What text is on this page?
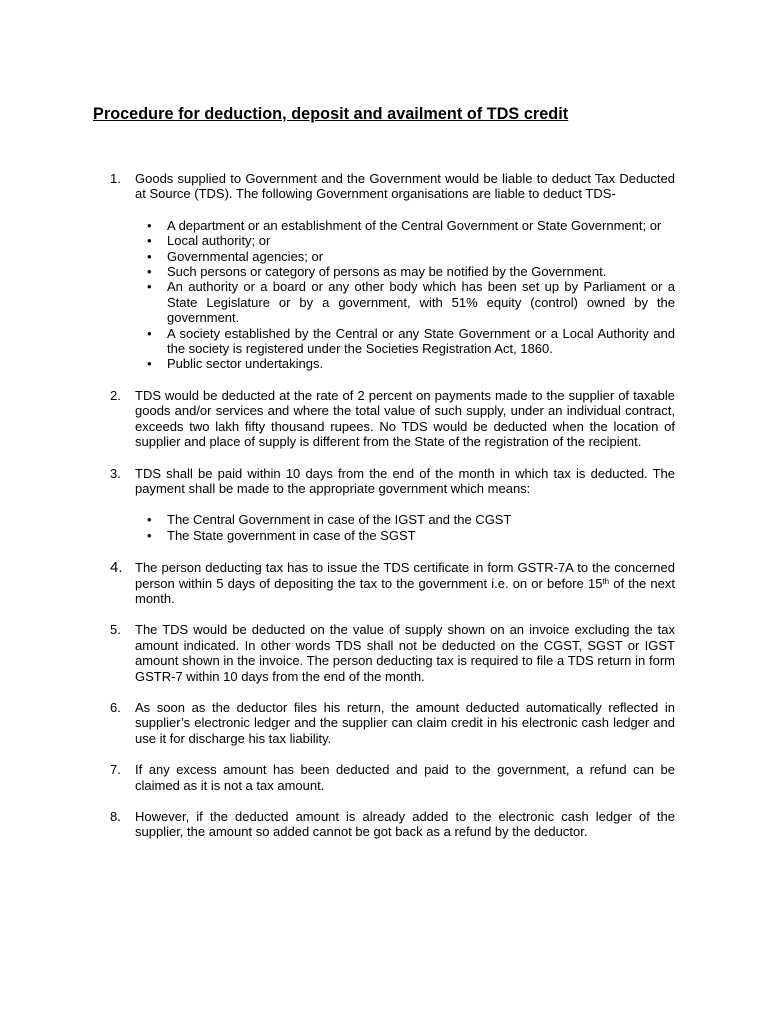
Procedure for deduction, deposit and availment of TDS credit
1. Goods supplied to Government and the Government would be liable to deduct Tax Deducted at Source (TDS). The following Government organisations are liable to deduct TDS-
• A department or an establishment of the Central Government or State Government; or
• Local authority; or
• Governmental agencies; or
• Such persons or category of persons as may be notified by the Government.
• An authority or a board or any other body which has been set up by Parliament or a State Legislature or by a government, with 51% equity (control) owned by the government.
• A society established by the Central or any State Government or a Local Authority and the society is registered under the Societies Registration Act, 1860.
• Public sector undertakings.
2. TDS would be deducted at the rate of 2 percent on payments made to the supplier of taxable goods and/or services and where the total value of such supply, under an individual contract, exceeds two lakh fifty thousand rupees. No TDS would be deducted when the location of supplier and place of supply is different from the State of the registration of the recipient.
3. TDS shall be paid within 10 days from the end of the month in which tax is deducted. The payment shall be made to the appropriate government which means:
• The Central Government in case of the IGST and the CGST
• The State government in case of the SGST
4. The person deducting tax has to issue the TDS certificate in form GSTR-7A to the concerned person within 5 days of depositing the tax to the government i.e. on or before 15th of the next month.
5. The TDS would be deducted on the value of supply shown on an invoice excluding the tax amount indicated. In other words TDS shall not be deducted on the CGST, SGST or IGST amount shown in the invoice. The person deducting tax is required to file a TDS return in form GSTR-7 within 10 days from the end of the month.
6. As soon as the deductor files his return, the amount deducted automatically reflected in supplier’s electronic ledger and the supplier can claim credit in his electronic cash ledger and use it for discharge his tax liability.
7. If any excess amount has been deducted and paid to the government, a refund can be claimed as it is not a tax amount.
8. However, if the deducted amount is already added to the electronic cash ledger of the supplier, the amount so added cannot be got back as a refund by the deductor.
